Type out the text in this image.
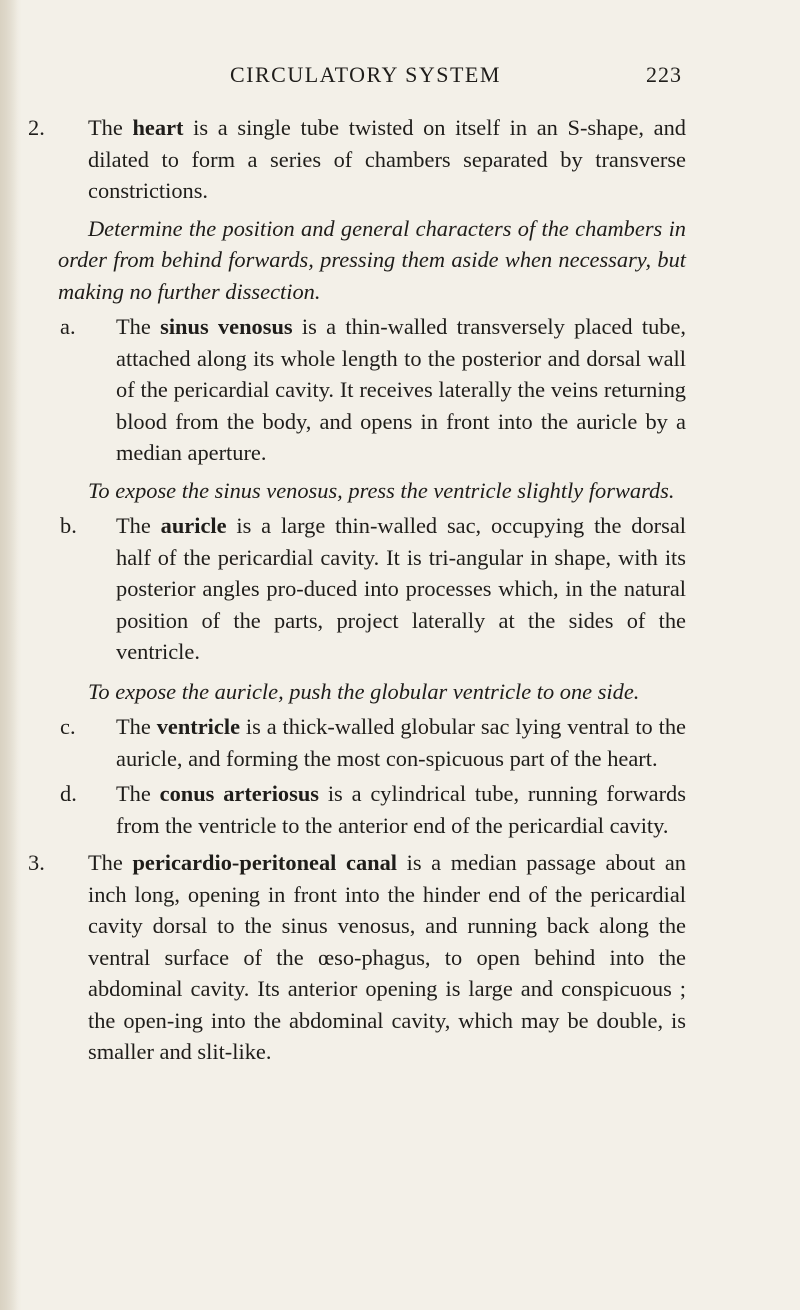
CIRCULATORY SYSTEM	223

2. The heart is a single tube twisted on itself in an S-shape, and dilated to form a series of chambers separated by transverse constrictions.

Determine the position and general characters of the chambers in order from behind forwards, pressing them aside when necessary, but making no further dissection.

a. The sinus venosus is a thin-walled transversely placed tube, attached along its whole length to the posterior and dorsal wall of the pericardial cavity. It receives laterally the veins returning blood from the body, and opens in front into the auricle by a median aperture.

To expose the sinus venosus, press the ventricle slightly forwards.

b. The auricle is a large thin-walled sac, occupying the dorsal half of the pericardial cavity. It is tri-angular in shape, with its posterior angles pro-duced into processes which, in the natural position of the parts, project laterally at the sides of the ventricle.

To expose the auricle, push the globular ventricle to one side.

c. The ventricle is a thick-walled globular sac lying ventral to the auricle, and forming the most con-spicuous part of the heart.

d. The conus arteriosus is a cylindrical tube, running forwards from the ventricle to the anterior end of the pericardial cavity.

3. The pericardio-peritoneal canal is a median passage about an inch long, opening in front into the hinder end of the pericardial cavity dorsal to the sinus venosus, and running back along the ventral surface of the œso-phagus, to open behind into the abdominal cavity. Its anterior opening is large and conspicuous ; the open-ing into the abdominal cavity, which may be double, is smaller and slit-like.
